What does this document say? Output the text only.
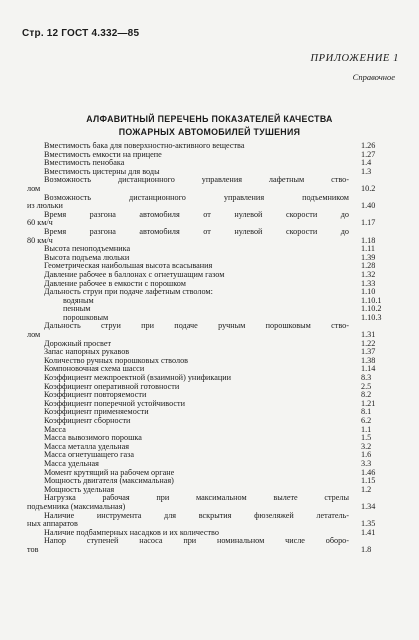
Стр. 12 ГОСТ 4.332—85
ПРИЛОЖЕНИЕ 1
Справочное
АЛФАВИТНЫЙ ПЕРЕЧЕНЬ ПОКАЗАТЕЛЕЙ КАЧЕСТВА
ПОЖАРНЫХ АВТОМОБИЛЕЙ ТУШЕНИЯ
Вместимость бака для поверхностно-активного вещества	1.26
Вместимость емкости на прицепе	1.27
Вместимость пенобака	1.4
Вместимость цистерны для воды	1.3
Возможность дистанционного управления лафетным ство-
лом	10.2
Возможность дистанционного управления подъемником
из люльки	1.40
Время разгона автомобиля от нулевой скорости до
60 км/ч	1.17
Время разгона автомобиля от нулевой скорости до
80 км/ч	1.18
Высота пеноподъемника	1.11
Высота подъема люльки	1.39
Геометрическая наибольшая высота всасывания	1.28
Давление рабочее в баллонах с огнетушащим газом	1.32
Давление рабочее в емкости с порошком	1.33
Дальность струи при подаче лафетным стволом:	1.10
водяным	1.10.1
пенным	1.10.2
порошковым	1.10.3
Дальность струи при подаче ручным порошковым ство-
лом	1.31
Дорожный просвет	1.22
Запас напорных рукавов	1.37
Количество ручных порошковых стволов	1.38
Компоновочная схема шасси	1.14
Коэффициент межпроектной (взаимной) унификации	8.3
Коэффициент оперативной готовности	2.5
Коэффициент повторяемости	8.2
Коэффициент поперечной устойчивости	1.21
Коэффициент применяемости	8.1
Коэффициент сборности	6.2
Масса	1.1
Масса вывозимого порошка	1.5
Масса металла удельная	3.2
Масса огнетушащего газа	1.6
Масса удельная	3.3
Момент крутящий на рабочем органе	1.46
Мощность двигателя (максимальная)	1.15
Мощность удельная	1.2
Нагрузка рабочая при максимальном вылете стрелы
подъемника (максимальная)	1.34
Наличие инструмента для вскрытия фюзеляжей летатель-
ных аппаратов	1.35
Наличие подбамперных насадков и их количество	1.41
Напор ступеней насоса при номинальном числе оборо-
тов	1.8
